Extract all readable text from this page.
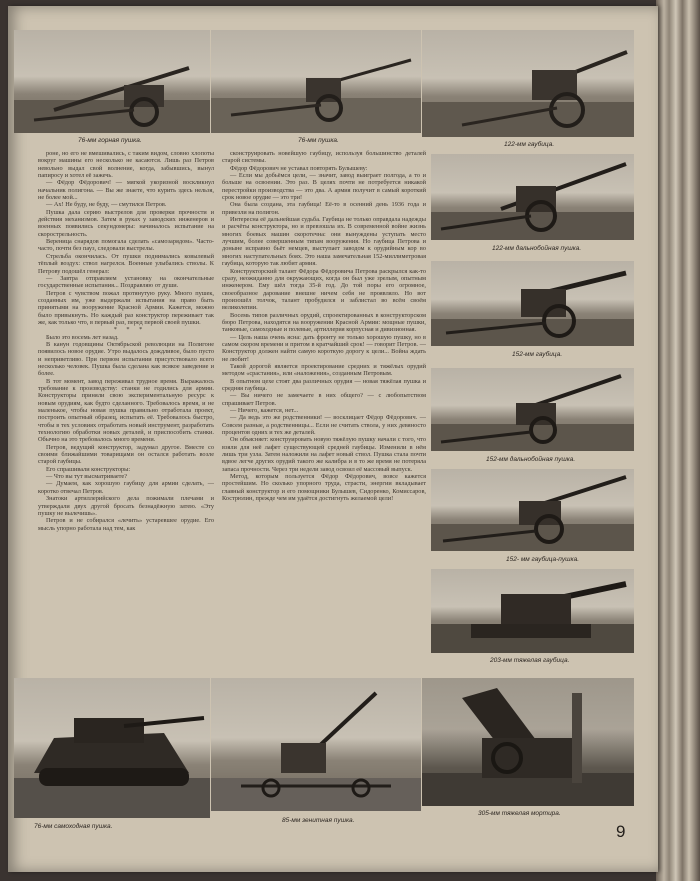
76-мм горная пушка.	76-мм пушка.
122-мм гаубица.
122-мм дальнобойная пушка.
152-мм гаубица.
152-мм дальнобойная пушка.
152- мм гаубица-пушка.
203-мм тяжелая гаубица.

роне, но его не вмешивались, с таким видом, словно хлопоты вокруг машины его несколько не касаются. Лишь раз Петров невольно выдал свой волнение, когда, забывшись, вынул папиросу и хотел её зажечь.

— Фёдор Фёдорович! — мягкой укоризной воскликнул начальник полигона. — Вы же знаете, что курить здесь нельзя, не более мой...

— Ах! Не буду, не буду, — смутился Петров.

Пушка дала серию выстрелов для проверки прочности и действия механизмов. Затем в руках у заводских инженеров и военных появились секундомеры: начиналось испытание на скорострельность.

Вереница снарядов помогала сделать «самозарядом». Часто-часто, почти без пауз, следовали выстрелы.

Стрельба окончилась. От пушки поднимались ковылевый тёплый воздух: ствол нагрелся. Военные улыбались стволы. К Петрову подошёл генерал:

— Завтра отправляем установку на окончательные государственные испытания... Поздравляю от души.

Петров с чувством пожал протянутую руку. Много пушек, созданных им, уже выдержали испытания на право быть принятыми на вооружение Красной Армии. Кажется, можно было привыкнуть. Но каждый раз конструктор переживает так же, как только что, в первый раз, перед первой своей пушки.

* * *

Было это восемь лет назад.

В канун годовщины Октябрьской революции на Полигоне появилось новое орудие. Утро выдалось дождливое, было пусто и неприветливо. При первом испытании присутствовало всего несколько человек. Пушка была сделана как всякое заведение и более.

В тот момент, завод переживал трудное время. Выражалось требование к производству: станки не годились для армии. Конструкторы приняли свою экспериментальную ресурс к новым орудиям, как будто сделанного. Требовалось время, и не маленькое, чтобы новая пушка правильно отработала проект, построить опытный образец, испытать её. Требовалось быстро, чтобы в тех условиях отработать новый инструмент, разработать технологию обработки новых деталей, и приспособить станки. Обычно на это требовалось много времени.

Петров, ведущий конструктор, задумал другое. Вместе со своими ближайшими товарищами он остался работать возле старой гаубицы.

Его спрашивали конструкторы:

— Что вы тут высматриваете?

— Думаем, как хорошую гаубицу для армии сделать, — коротко отвечал Петров.

Знатоки артиллерийского дела пожимали плечами и утверждали двух другой бросать безнадёжную затею. «Эту пушку не вылечишь».

Петров и не собирался «лечить» устаревшее орудие. Его мысль упорно работала над тем, как

сконструировать новейшую гаубицу, используя большинство деталей старой системы.

Фёдор Фёдорович не уставал повторять Булышеву:

— Если мы добьёмся цели, — значит, завод выиграет полгода, а то и больше на освоении. Это раз. В целях почти не потребуется никакой перестройки производства — это два. А армия получит в самый короткий срок новое орудие — это три!

Она была создана, эта гаубица! Её-то в осенний день 1936 года и привезли на полигон.

Интересна её дальнейшая судьба. Гаубица не только оправдала надежды и расчёты конструктора, но и превзошла их. В современной войне жизнь многих боевых машин скоротечна: они вынуждены уступать место лучшим, более совершенным типам вооружения. Но гаубица Петрова и доныне исправно бьёт немцев, выступает заводом к орудийным кор во многих наступательных боях. Это наша замечательная 152-миллиметровая гаубица, которую так любит армия.

Конструкторский талант Фёдора Фёдоровича Петрова раскрылся как-то сразу, неожиданно для окружающих, когда он был уже зрелым, опытным инженером. Ему шёл тогда 35-й год. До той поры его огромное, своеобразное дарование внешне ничем себя не проявляло. Но вот произошёл толчок, талант пробудился и заблистал во всём своём великолепии.

Восемь типов различных орудий, спроектированных в конструкторском бюро Петрова, находятся на вооружении Красной Армии: мощные пушки, танковые, самоходные и полевые, артиллерия корпусная и дивизионная.

— Цель наша очень ясна: дать фронту не только хорошую пушку, но в самом скором времени и притом в кратчайший срок! — говорит Петров. — Конструктор должен найти самую короткую дорогу к цели... Война ждать не любит!

Такой дорогой является проектирование средних и тяжёлых орудий методом «срастания», или «наложения», созданным Петровым.

В опытном цехе стоят два различных орудия — новая тяжёлая пушка и средняя гаубица.

— Вы ничего не замечаете в них общего? — с любопытством спрашивает Петров.

— Ничего, кажется, нет...

— Да ведь это же родственники! — восклицает Фёдор Фёдорович. — Совсем разные, а родственницы... Если не считать ствола, у них девяносто процентов одних и тех же деталей.

Он объясняет: конструировать новую тяжёлую пушку начали с того, что взяли для неё лафет существующей средней гаубицы. Изменили в нём лишь три узла. Затем наложили на лафет новый ствол. Пушка стала почти вдвое легче других орудий такого же калибра и в то же время не потеряла запаса прочности. Через три недели завод освоил её массовый выпуск.

Метод, которым пользуется Фёдор Фёдорович, вовсе кажется простейшим. Но сколько упорного труда, страсти, энергии вкладывает главный конструктор и его помощники Булышев, Сидоренко, Комиссаров, Кострюлин, прежде чем им удаётся достигнуть желаемой цели!

76-мм самоходная пушка.
85-мм зенитная пушка.
305-мм тяжелая мортира.
9
